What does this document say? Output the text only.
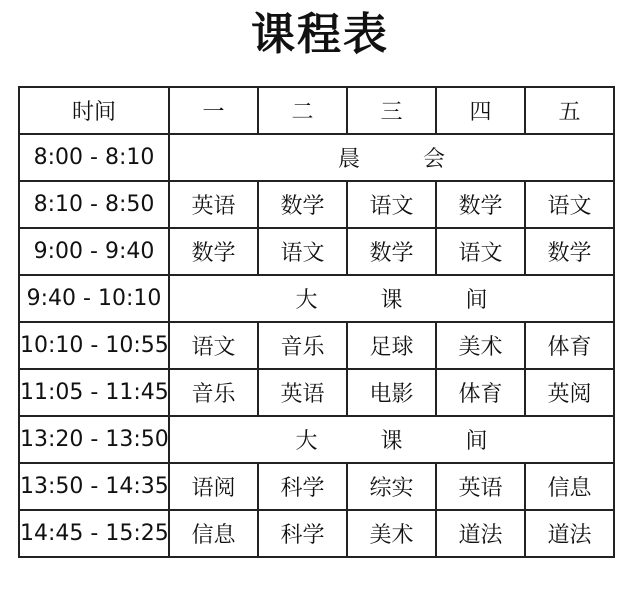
课程表
时间	一	二	三	四	五
8:00 - 8:10	晨 会				
8:10 - 8:50	英语	数学	语文	数学	语文
9:00 - 9:40	数学	语文	数学	语文	数学
9:40 - 10:10	大 课 间				
10:10 - 10:55	语文	音乐	足球	美术	体育
11:05 - 11:45	音乐	英语	电影	体育	英阅
13:20 - 13:50	大 课 间				
13:50 - 14:35	语阅	科学	综实	英语	信息
14:45 - 15:25	信息	科学	美术	道法	道法
